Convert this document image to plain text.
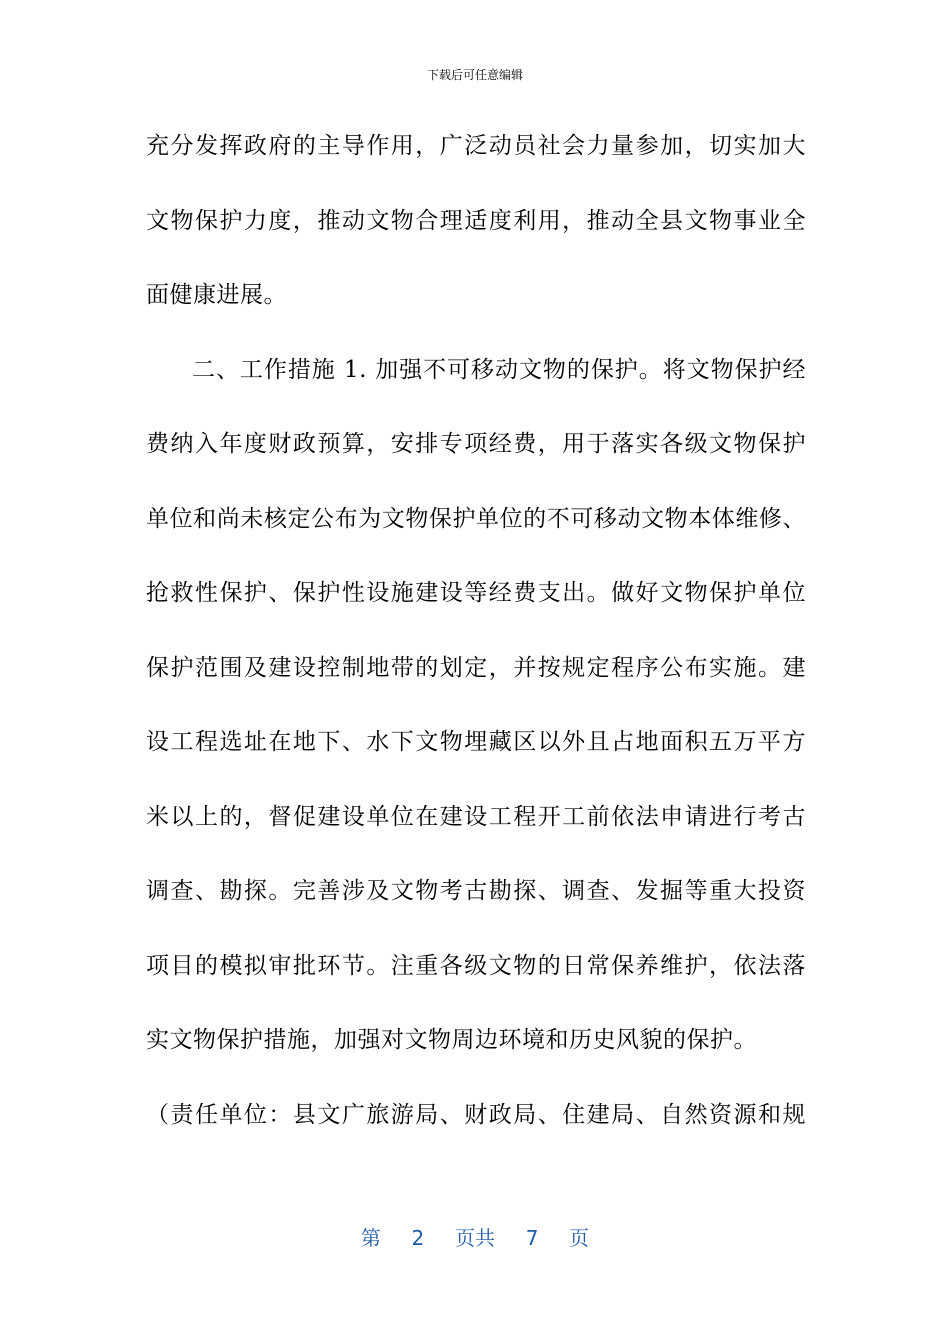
下载后可任意编辑
充分发挥政府的主导作用，广泛动员社会力量参加，切实加大
文物保护力度，推动文物合理适度利用，推动全县文物事业全
面健康进展。
二、工作措施 1. 加强不可移动文物的保护。将文物保护经
费纳入年度财政预算，安排专项经费，用于落实各级文物保护
单位和尚未核定公布为文物保护单位的不可移动文物本体维修、
抢救性保护、保护性设施建设等经费支出。做好文物保护单位
保护范围及建设控制地带的划定，并按规定程序公布实施。建
设工程选址在地下、水下文物埋藏区以外且占地面积五万平方
米以上的，督促建设单位在建设工程开工前依法申请进行考古
调查、勘探。完善涉及文物考古勘探、调查、发掘等重大投资
项目的模拟审批环节。注重各级文物的日常保养维护，依法落
实文物保护措施，加强对文物周边环境和历史风貌的保护。
（责任单位：县文广旅游局、财政局、住建局、自然资源和规
第 2 页共 7 页
